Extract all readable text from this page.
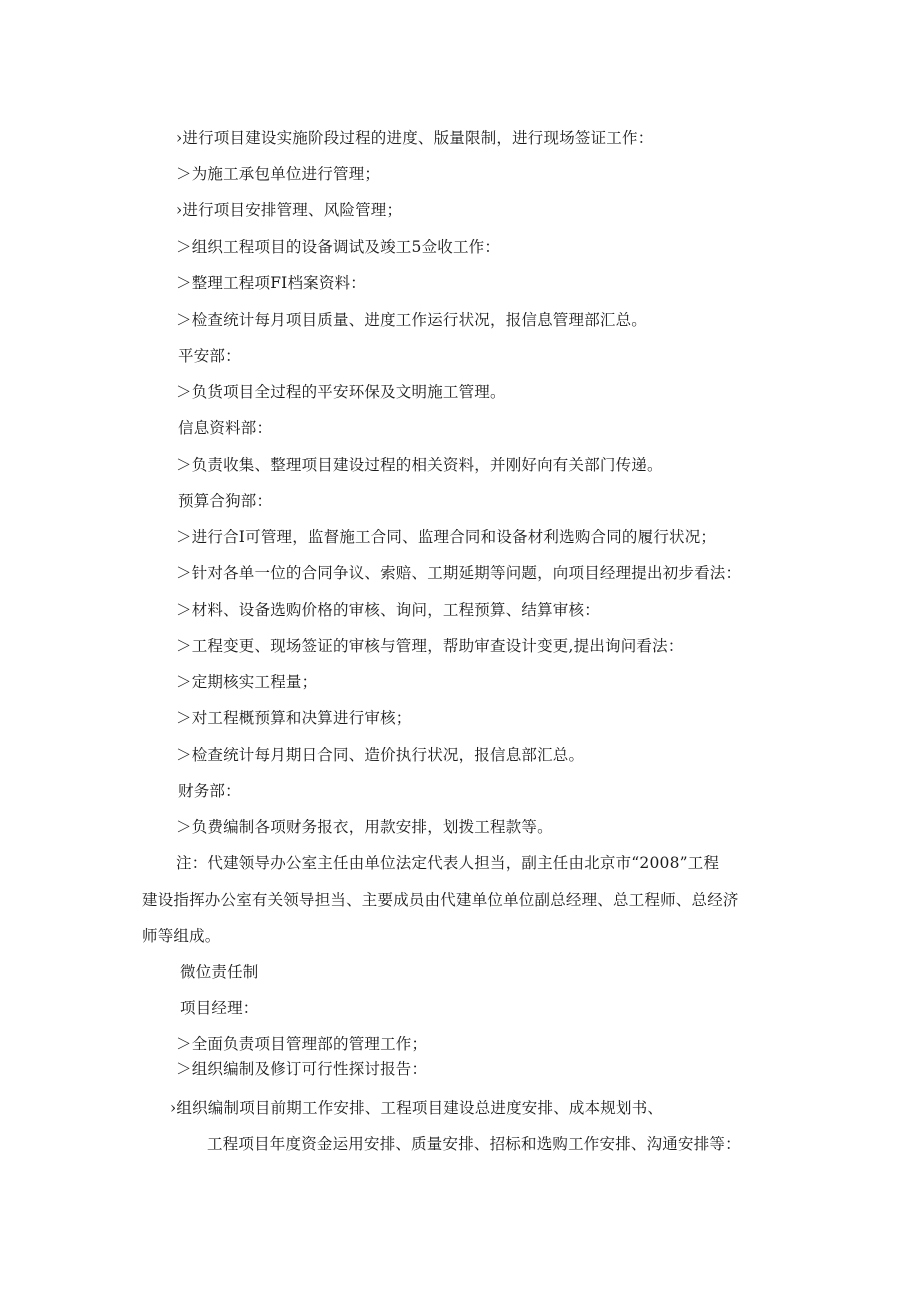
›进行项目建设实施阶段过程的进度、版量限制，进行现场签证工作：
＞为施工承包单位进行管理；
›进行项目安排管理、风险管理；
＞组织工程项目的设备调试及竣工5佥收工作：
＞整理工程项FI档案资料：
＞检查统计每月项目质量、进度工作运行状况，报信息管理部汇总。
平安部：
＞负货项目全过程的平安环保及文明施工管理。
信息资料部：
＞负责收集、整理项目建设过程的相关资料，并刚好向有关部门传递。
预算合狗部：
＞进行合I可管理，监督施工合同、监理合同和设备材利选购合同的履行状况；
＞针对各单一位的合同争议、索赔、工期延期等问题，向项目经理提出初步看法：
＞材料、设备选购价格的审核、询问，工程预算、结算审核：
＞工程变更、现场签证的审核与管理，帮助审查设计变更,提出询问看法：
＞定期核实工程量；
＞对工程概预算和决算进行审核；
＞检查统计每月期日合同、造价执行状况，报信息部汇总。
财务部：
＞负费编制各项财务报衣，用款安排，划拨工程款等。
注：代建领导办公室主任由单位法定代表人担当，副主任由北京市“2008”工程
建设指挥办公室有关领导担当、主要成员由代建单位单位副总经理、总工程师、总经济
师等组成。
微位责任制
项目经理：
＞全面负责项目管理部的管理工作；
＞组织编制及修订可行性探讨报告：
›组织编制项目前期工作安排、工程项目建设总进度安排、成本规划书、
工程项目年度资金运用安排、质量安排、招标和选购工作安排、沟通安排等：
